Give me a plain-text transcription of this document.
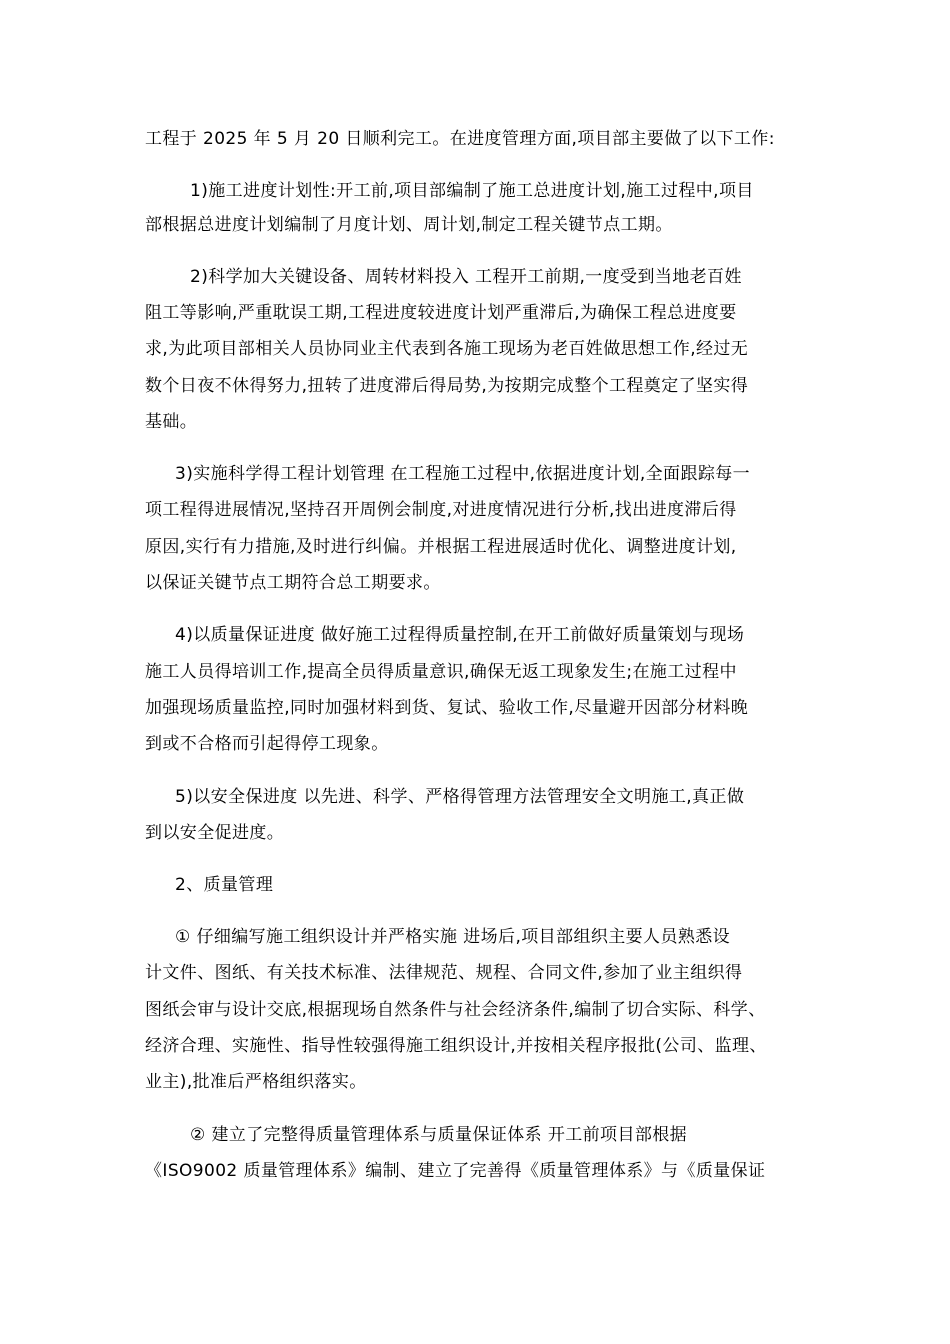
工程于 2025 年 5 月 20 日顺利完工。在进度管理方面,项目部主要做了以下工作:
1)施工进度计划性:开工前,项目部编制了施工总进度计划,施工过程中,项目
部根据总进度计划编制了月度计划、周计划,制定工程关键节点工期。
2)科学加大关键设备、周转材料投入 工程开工前期,一度受到当地老百姓
阻工等影响,严重耽误工期,工程进度较进度计划严重滞后,为确保工程总进度要
求,为此项目部相关人员协同业主代表到各施工现场为老百姓做思想工作,经过无
数个日夜不休得努力,扭转了进度滞后得局势,为按期完成整个工程奠定了坚实得
基础。
3)实施科学得工程计划管理 在工程施工过程中,依据进度计划,全面跟踪每一
项工程得进展情况,坚持召开周例会制度,对进度情况进行分析,找出进度滞后得
原因,实行有力措施,及时进行纠偏。并根据工程进展适时优化、调整进度计划,
以保证关键节点工期符合总工期要求。
4)以质量保证进度 做好施工过程得质量控制,在开工前做好质量策划与现场
施工人员得培训工作,提高全员得质量意识,确保无返工现象发生;在施工过程中
加强现场质量监控,同时加强材料到货、复试、验收工作,尽量避开因部分材料晚
到或不合格而引起得停工现象。
5)以安全保进度 以先进、科学、严格得管理方法管理安全文明施工,真正做
到以安全促进度。
2、质量管理
① 仔细编写施工组织设计并严格实施 进场后,项目部组织主要人员熟悉设
计文件、图纸、有关技术标准、法律规范、规程、合同文件,参加了业主组织得
图纸会审与设计交底,根据现场自然条件与社会经济条件,编制了切合实际、科学、
经济合理、实施性、指导性较强得施工组织设计,并按相关程序报批(公司、监理、
业主),批准后严格组织落实。
② 建立了完整得质量管理体系与质量保证体系 开工前项目部根据
《ISO9002 质量管理体系》编制、建立了完善得《质量管理体系》与《质量保证
